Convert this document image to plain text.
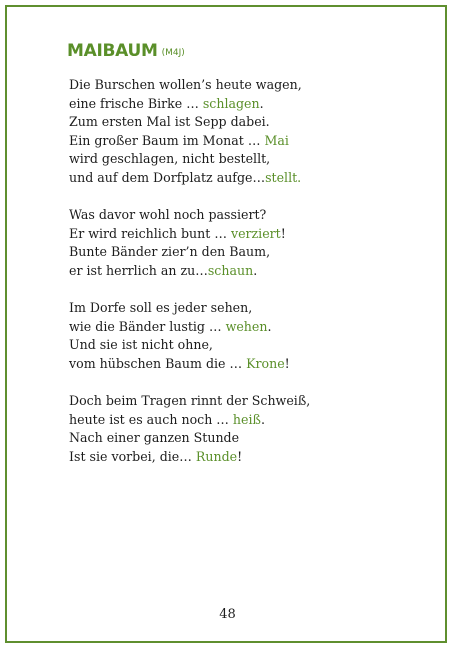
MAIBAUM (M4J)
Die Burschen wollen’s heute wagen,
eine frische Birke … schlagen.
Zum ersten Mal ist Sepp dabei.
Ein großer Baum im Monat … Mai
wird geschlagen, nicht bestellt,
und auf dem Dorfplatz aufge…stellt.
Was davor wohl noch passiert?
Er wird reichlich bunt … verziert!
Bunte Bänder zier’n den Baum,
er ist herrlich an zu…schaun.
Im Dorfe soll es jeder sehen,
wie die Bänder lustig … wehen.
Und sie ist nicht ohne,
vom hübschen Baum die … Krone!
Doch beim Tragen rinnt der Schweiß,
heute ist es auch noch … heiß.
Nach einer ganzen Stunde
Ist sie vorbei, die… Runde!
48
